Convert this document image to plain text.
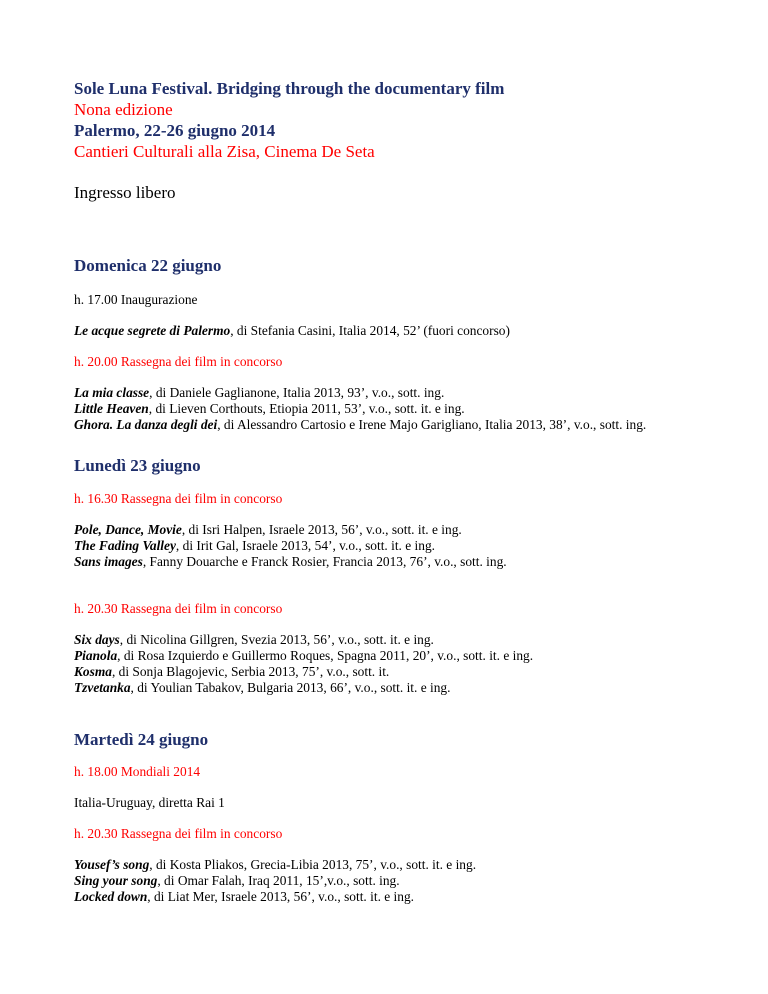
Sole Luna Festival. Bridging through the documentary film

Nona edizione

Palermo, 22-26 giugno 2014

Cantieri Culturali alla Zisa, Cinema De Seta

Ingresso libero

Domenica 22 giugno

h. 17.00 Inaugurazione

Le acque segrete di Palermo, di Stefania Casini, Italia 2014, 52’ (fuori concorso)

h. 20.00 Rassegna dei film in concorso

La mia classe, di Daniele Gaglianone, Italia 2013, 93’, v.o., sott. ing.

Little Heaven, di Lieven Corthouts, Etiopia 2011, 53’, v.o., sott. it. e ing.

Ghora. La danza degli dei, di Alessandro Cartosio e Irene Majo Garigliano, Italia 2013, 38’, v.o., sott. ing.

Lunedì 23 giugno

h. 16.30 Rassegna dei film in concorso

Pole, Dance, Movie, di Isri Halpen, Israele 2013, 56’, v.o., sott. it. e ing.

The Fading Valley, di Irit Gal, Israele 2013, 54’, v.o., sott. it. e ing.

Sans images, Fanny Douarche e Franck Rosier, Francia 2013, 76’, v.o., sott. ing.

h. 20.30 Rassegna dei film in concorso

Six days, di Nicolina Gillgren, Svezia 2013, 56’, v.o., sott. it. e ing.

Pianola, di Rosa Izquierdo e Guillermo Roques, Spagna 2011, 20’, v.o., sott. it. e ing.

Kosma, di Sonja Blagojevic, Serbia 2013, 75’, v.o., sott. it.

Tzvetanka, di Youlian Tabakov, Bulgaria 2013, 66’, v.o., sott. it. e ing.

Martedì 24 giugno

h. 18.00 Mondiali 2014

Italia-Uruguay, diretta Rai 1

h. 20.30 Rassegna dei film in concorso

Yousef’s song, di Kosta Pliakos, Grecia-Libia 2013, 75’, v.o., sott. it. e ing.

Sing your song, di Omar Falah, Iraq 2011, 15’,v.o., sott. ing.

Locked down, di Liat Mer, Israele 2013, 56’, v.o., sott. it. e ing.
